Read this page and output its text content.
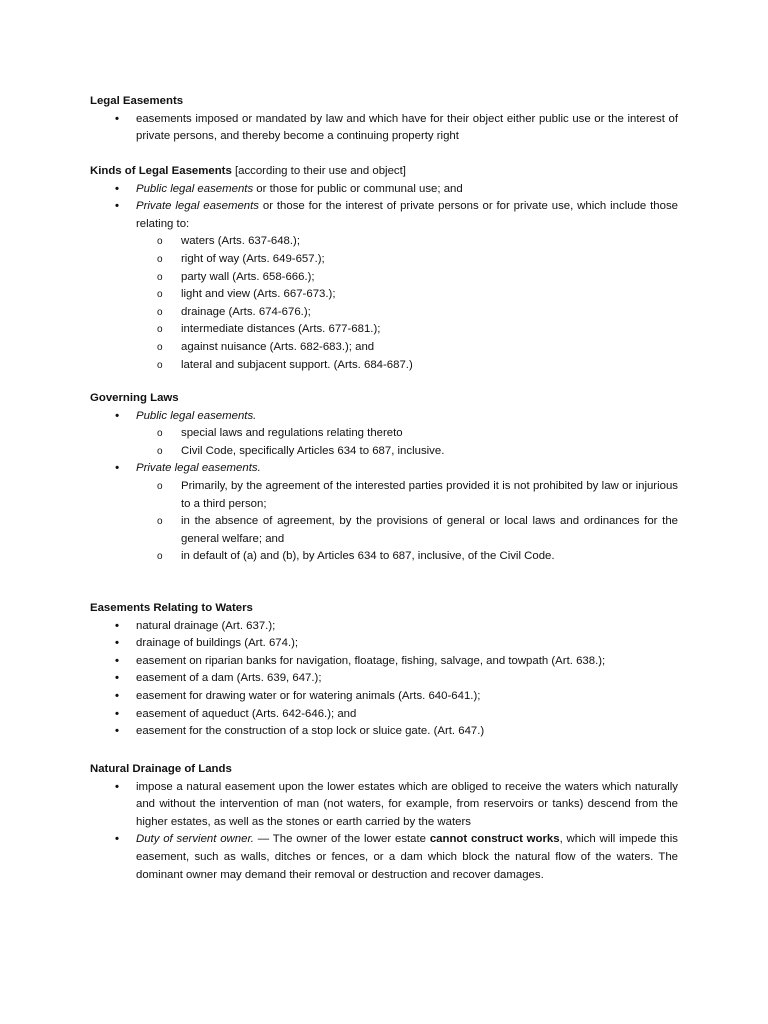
Legal Easements

• easements imposed or mandated by law and which have for their object either public use or the interest of private persons, and thereby become a continuing property right

Kinds of Legal Easements [according to their use and object]

• Public legal easements or those for public or communal use; and
• Private legal easements or those for the interest of private persons or for private use, which include those relating to:
o waters (Arts. 637-648.);
o right of way (Arts. 649-657.);
o party wall (Arts. 658-666.);
o light and view (Arts. 667-673.);
o drainage (Arts. 674-676.);
o intermediate distances (Arts. 677-681.);
o against nuisance (Arts. 682-683.); and
o lateral and subjacent support. (Arts. 684-687.)

Governing Laws

• Public legal easements.
o special laws and regulations relating thereto
o Civil Code, specifically Articles 634 to 687, inclusive.
• Private legal easements.
o Primarily, by the agreement of the interested parties provided it is not prohibited by law or injurious to a third person;
o in the absence of agreement, by the provisions of general or local laws and ordinances for the general welfare; and
o in default of (a) and (b), by Articles 634 to 687, inclusive, of the Civil Code.

Easements Relating to Waters

• natural drainage (Art. 637.);
• drainage of buildings (Art. 674.);
• easement on riparian banks for navigation, floatage, fishing, salvage, and towpath (Art. 638.);
• easement of a dam (Arts. 639, 647.);
• easement for drawing water or for watering animals (Arts. 640-641.);
• easement of aqueduct (Arts. 642-646.); and
• easement for the construction of a stop lock or sluice gate. (Art. 647.)

Natural Drainage of Lands

• impose a natural easement upon the lower estates which are obliged to receive the waters which naturally and without the intervention of man (not waters, for example, from reservoirs or tanks) descend from the higher estates, as well as the stones or earth carried by the waters
• Duty of servient owner. — The owner of the lower estate cannot construct works, which will impede this easement, such as walls, ditches or fences, or a dam which block the natural flow of the waters. The dominant owner may demand their removal or destruction and recover damages.
